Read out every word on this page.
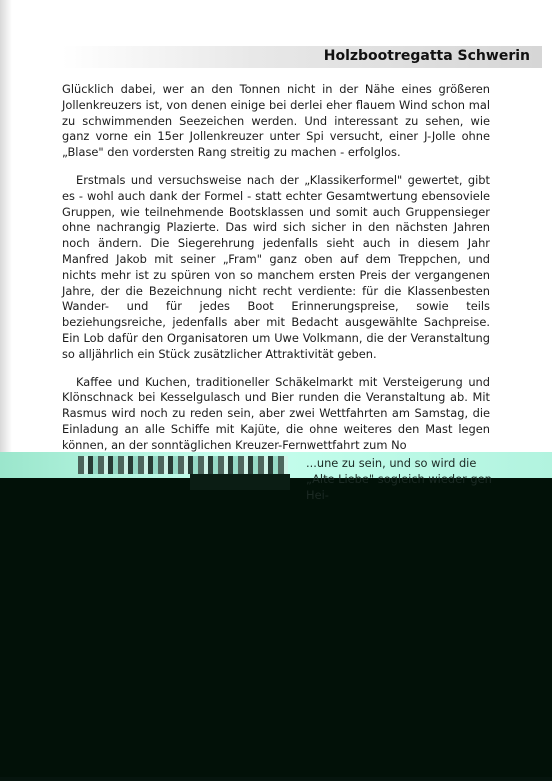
Holzbootregatta Schwerin

Glücklich dabei, wer an den Tonnen nicht in der Nähe eines größeren Jollenkreuzers ist, von denen einige bei derlei eher flauem Wind schon mal zu schwimmenden Seezeichen werden. Und interessant zu sehen, wie ganz vorne ein 15er Jollenkreuzer unter Spi versucht, einer J-Jolle ohne „Blase" den vordersten Rang streitig zu machen - erfolglos.

Erstmals und versuchsweise nach der „Klassikerformel" gewertet, gibt es - wohl auch dank der Formel - statt echter Gesamtwertung ebensoviele Gruppen, wie teilnehmende Bootsklassen und somit auch Gruppensieger ohne nachrangig Plazierte. Das wird sich sicher in den nächsten Jahren noch ändern. Die Siegerehrung jedenfalls sieht auch in diesem Jahr Manfred Jakob mit seiner „Fram" ganz oben auf dem Treppchen, und nichts mehr ist zu spüren von so manchem ersten Preis der vergangenen Jahre, der die Bezeichnung nicht recht verdiente: für die Klassenbesten Wander- und für jedes Boot Erinnerungspreise, sowie teils beziehungsreiche, jedenfalls aber mit Bedacht ausgewählte Sachpreise. Ein Lob dafür den Organisatoren um Uwe Volkmann, die der Veranstaltung so alljährlich ein Stück zusätzlicher Attraktivität geben.

Kaffee und Kuchen, traditioneller Schäkelmarkt mit Versteigerung und Klönschnack bei Kesselgulasch und Bier runden die Veranstaltung ab. Mit Rasmus wird noch zu reden sein, aber zwei Wettfahrten am Samstag, die Einladung an alle Schiffe mit Kajüte, die ohne weiteres den Mast legen können, an der sonntäglichen Kreuzer-Fernwettfahrt zum No

...une zu sein, und so wird die
„Alte Liebe" sogleich wieder gen Hei-
